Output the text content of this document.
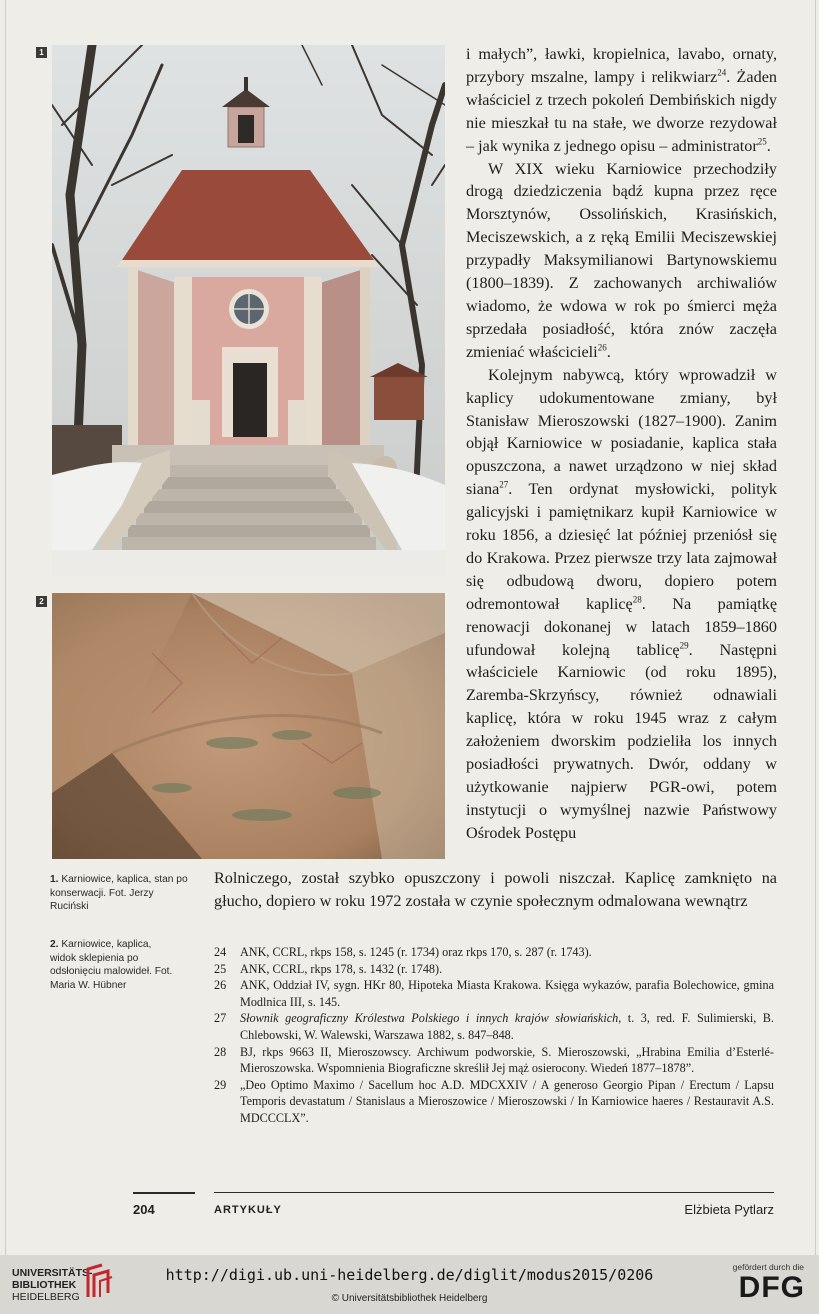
1
2

i małych”, ławki, kropielnica, lavabo, ornaty, przybory mszalne, lampy i relikwiarz$^{24}$. Żaden właściciel z trzech pokoleń Dembińskich nigdy nie mieszkał tu na stałe, we dworze rezydował – jak wynika z jednego opisu – administrator$^{25}$.

W XIX wieku Karniowice przechodziły drogą dziedziczenia bądź kupna przez ręce Morsztynów, Ossolińskich, Krasińskich, Meciszewskich, a z ręką Emilii Meciszewskiej przypadły Maksymilianowi Bartynowskiemu (1800–1839). Z zachowanych archiwaliów wiadomo, że wdowa w rok po śmierci męża sprzedała posiadłość, która znów zaczęła zmieniać właścicieli$^{26}$.

Kolejnym nabywcą, który wprowadził w kaplicy udokumentowane zmiany, był Stanisław Mieroszowski (1827–1900). Zanim objął Karniowice w posiadanie, kaplica stała opuszczona, a nawet urządzono w niej skład siana$^{27}$. Ten ordynat mysłowicki, polityk galicyjski i pamiętnikarz kupił Karniowice w roku 1856, a dziesięć lat później przeniósł się do Krakowa. Przez pierwsze trzy lata zajmował się odbudową dworu, dopiero potem odremontował kaplicę$^{28}$. Na pamiątkę renowacji dokonanej w latach 1859–1860 ufundował kolejną tablicę$^{29}$. Następni właściciele Karniowic (od roku 1895), Zaremba-Skrzyńscy, również odnawiali kaplicę, która w roku 1945 wraz z całym założeniem dworskim podzieliła los innych posiadłości prywatnych. Dwór, oddany w użytkowanie najpierw PGR-owi, potem instytucji o wymyślnej nazwie Państwowy Ośrodek Postępu

Rolniczego, został szybko opuszczony i powoli niszczał. Kaplicę zamknięto na głucho, dopiero w roku 1972 została w czynie społecznym odmalowana wewnątrz

1. Karniowice, kaplica, stan po konserwacji. Fot. Jerzy Ruciński
2. Karniowice, kaplica, widok sklepienia po odsłonięciu malowideł. Fot. Maria W. Hübner
24	ANK, CCRL, rkps 158, s. 1245 (r. 1734) oraz rkps 170, s. 287 (r. 1743).
25	ANK, CCRL, rkps 178, s. 1432 (r. 1748).
26	ANK, Oddział IV, sygn. HKr 80, Hipoteka Miasta Krakowa. Księga wykazów, parafia Bolechowice, gmina Modlnica III, s. 145.
27	Słownik geograficzny Królestwa Polskiego i innych krajów słowiańskich, t. 3, red. F. Sulimierski, B. Chlebowski, W. Walewski, Warszawa 1882, s. 847–848.
28	BJ, rkps 9663 II, Mieroszowscy. Archiwum podworskie, S. Mieroszowski, „Hrabina Emilia d’Esterlé-Mieroszowska. Wspomnienia Biograficzne skreślił Jej mąż osierocony. Wiedeń 1877–1878”.
29	„Deo Optimo Maximo / Sacellum hoc A.D. MDCXXIV / A generoso Georgio Pipan / Erectum / Lapsu Temporis devastatum / Stanislaus a Mieroszowice / Mieroszowski / In Karniowice haeres / Restauravit A.S. MDCCCLX”.
204	ARTYKUŁY	Elżbieta Pytlarz
UNIVERSITÄTS-
BIBLIOTHEK
HEIDELBERG
http://digi.ub.uni-heidelberg.de/diglit/modus2015/0206
© Universitätsbibliothek Heidelberg
gefördert durch die
DFG
